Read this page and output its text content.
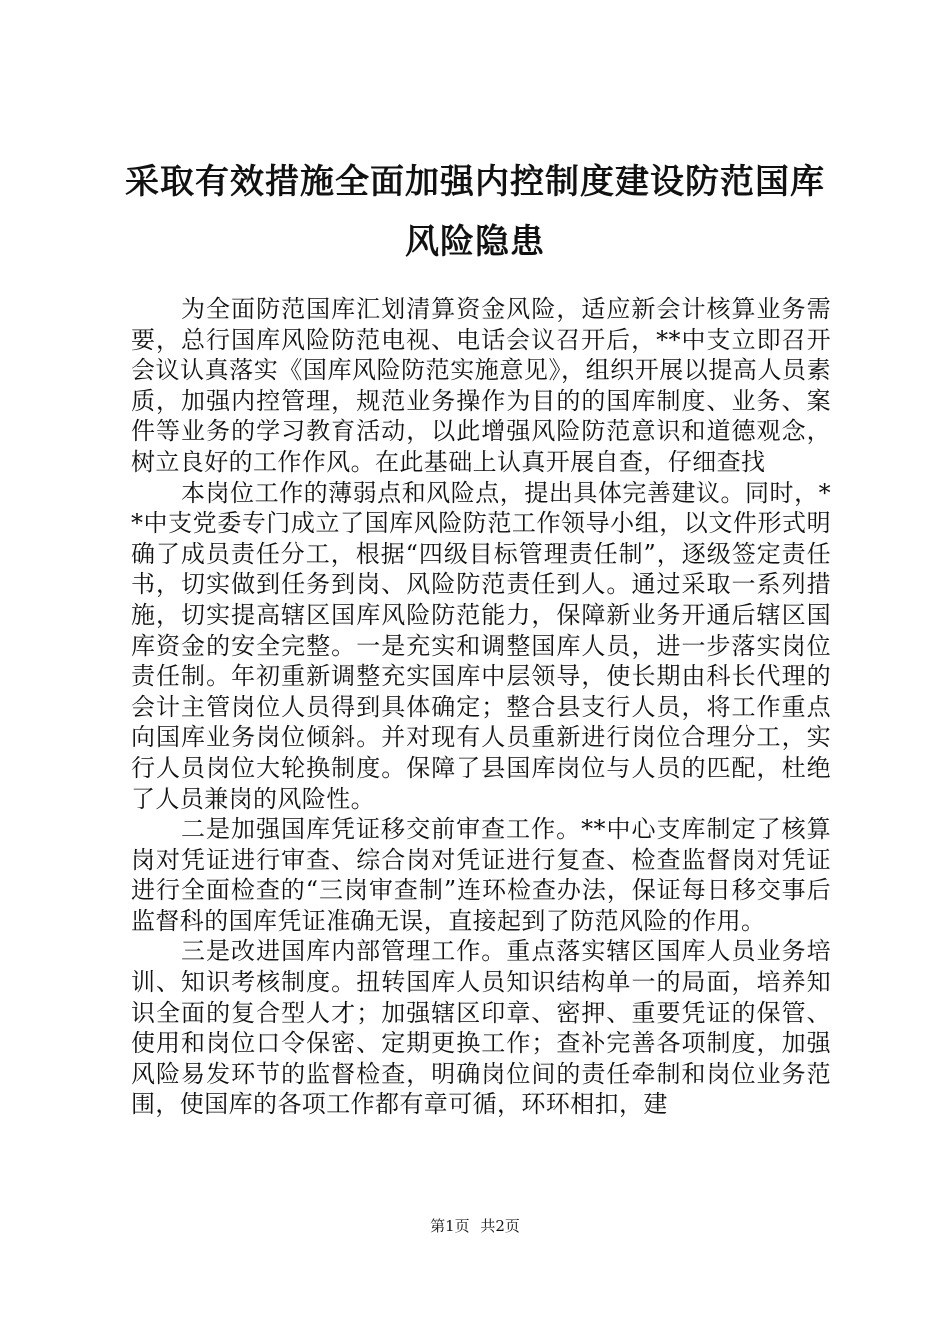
采取有效措施全面加强内控制度建设防范国库
风险隐患

为全面防范国库汇划清算资金风险，适应新会计核算业务需要，总行国库风险防范电视、电话会议召开后，**中支立即召开会议认真落实《国库风险防范实施意见》，组织开展以提高人员素质，加强内控管理，规范业务操作为目的的国库制度、业务、案件等业务的学习教育活动，以此增强风险防范意识和道德观念，树立良好的工作作风。在此基础上认真开展自查，仔细查找

本岗位工作的薄弱点和风险点，提出具体完善建议。同时，**中支党委专门成立了国库风险防范工作领导小组，以文件形式明确了成员责任分工，根据“四级目标管理责任制”，逐级签定责任书，切实做到任务到岗、风险防范责任到人。通过采取一系列措施，切实提高辖区国库风险防范能力，保障新业务开通后辖区国库资金的安全完整。一是充实和调整国库人员，进一步落实岗位责任制。年初重新调整充实国库中层领导，使长期由科长代理的会计主管岗位人员得到具体确定；整合县支行人员，将工作重点向国库业务岗位倾斜。并对现有人员重新进行岗位合理分工，实行人员岗位大轮换制度。保障了县国库岗位与人员的匹配，杜绝了人员兼岗的风险性。

二是加强国库凭证移交前审查工作。**中心支库制定了核算岗对凭证进行审查、综合岗对凭证进行复查、检查监督岗对凭证进行全面检查的“三岗审查制”连环检查办法，保证每日移交事后监督科的国库凭证准确无误，直接起到了防范风险的作用。

三是改进国库内部管理工作。重点落实辖区国库人员业务培训、知识考核制度。扭转国库人员知识结构单一的局面，培养知识全面的复合型人才；加强辖区印章、密押、重要凭证的保管、使用和岗位口令保密、定期更换工作；查补完善各项制度，加强风险易发环节的监督检查，明确岗位间的责任牵制和岗位业务范围，使国库的各项工作都有章可循，环环相扣，建

第1页 共2页
